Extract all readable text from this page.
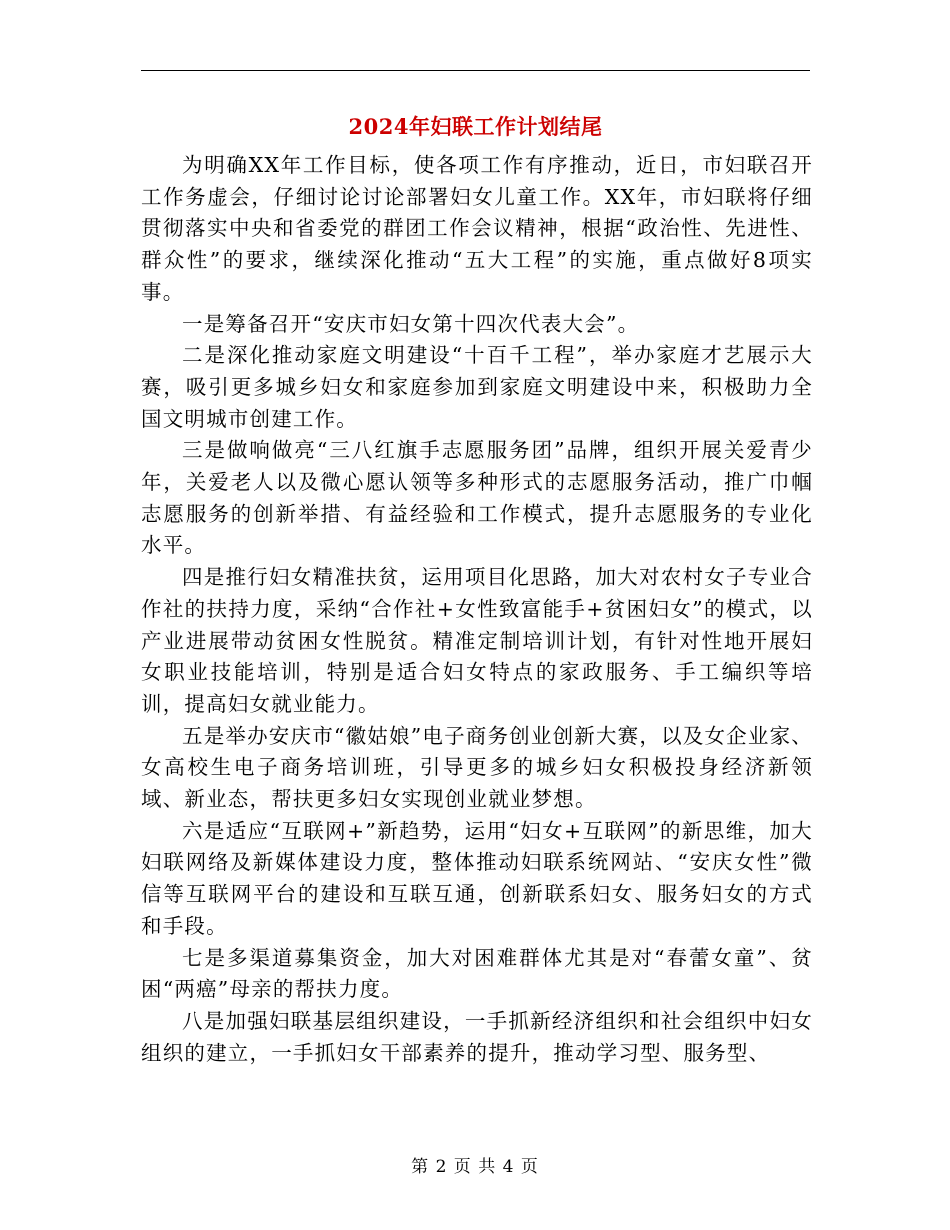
2024年妇联工作计划结尾

为明确XX年工作目标，使各项工作有序推动，近日，市妇联召开工作务虚会，仔细讨论讨论部署妇女儿童工作。XX年，市妇联将仔细贯彻落实中央和省委党的群团工作会议精神，根据“政治性、先进性、群众性”的要求，继续深化推动“五大工程”的实施，重点做好8项实事。

一是筹备召开“安庆市妇女第十四次代表大会”。

二是深化推动家庭文明建设“十百千工程”，举办家庭才艺展示大赛，吸引更多城乡妇女和家庭参加到家庭文明建设中来，积极助力全国文明城市创建工作。

三是做响做亮“三八红旗手志愿服务团”品牌，组织开展关爱青少年，关爱老人以及微心愿认领等多种形式的志愿服务活动，推广巾帼志愿服务的创新举措、有益经验和工作模式，提升志愿服务的专业化水平。

四是推行妇女精准扶贫，运用项目化思路，加大对农村女子专业合作社的扶持力度，采纳“合作社+女性致富能手+贫困妇女”的模式，以产业进展带动贫困女性脱贫。精准定制培训计划，有针对性地开展妇女职业技能培训，特别是适合妇女特点的家政服务、手工编织等培训，提高妇女就业能力。

五是举办安庆市“徽姑娘”电子商务创业创新大赛，以及女企业家、女高校生电子商务培训班，引导更多的城乡妇女积极投身经济新领域、新业态，帮扶更多妇女实现创业就业梦想。

六是适应“互联网+”新趋势，运用“妇女+互联网”的新思维，加大妇联网络及新媒体建设力度，整体推动妇联系统网站、“安庆女性”微信等互联网平台的建设和互联互通，创新联系妇女、服务妇女的方式和手段。

七是多渠道募集资金，加大对困难群体尤其是对“春蕾女童”、贫困“两癌”母亲的帮扶力度。

八是加强妇联基层组织建设，一手抓新经济组织和社会组织中妇女组织的建立，一手抓妇女干部素养的提升，推动学习型、服务型、

第 2 页 共 4 页
